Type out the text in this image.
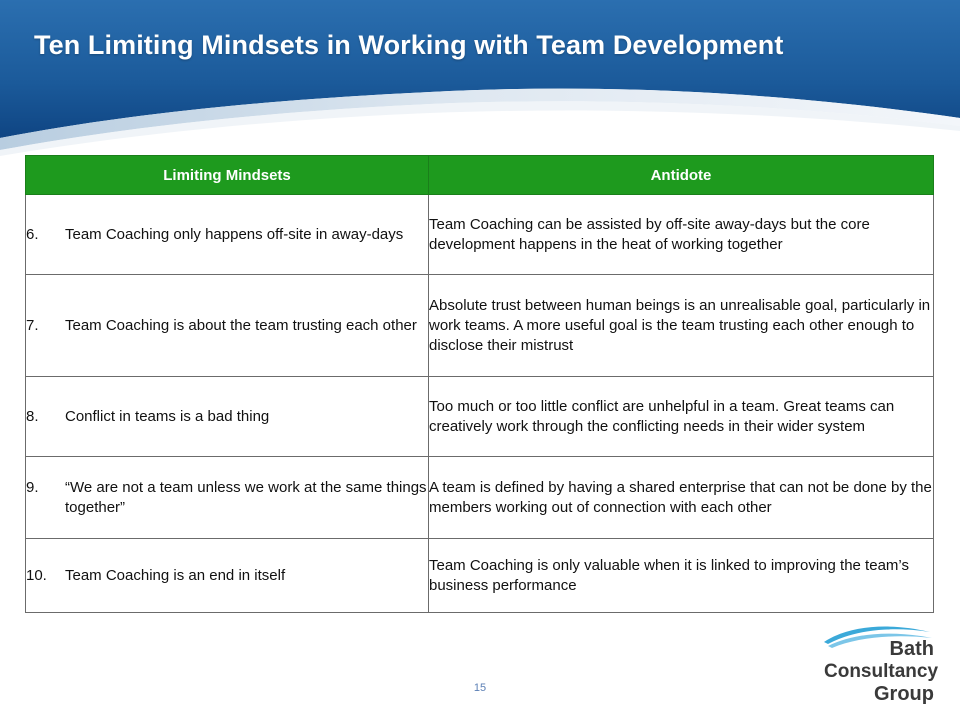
Ten Limiting Mindsets in Working with Team Development
Limiting Mindsets	Antidote

6. Team Coaching only happens off-site in away-days	Team Coaching can be assisted by off-site away-days but the core development happens in the heat of working together

7. Team Coaching is about the team trusting each other	Absolute trust between human beings is an unrealisable goal, particularly in work teams. A more useful goal is the team trusting each other enough to disclose their mistrust

8. Conflict in teams is a bad thing	Too much or too little conflict are unhelpful in a team. Great teams can creatively work through the conflicting needs in their wider system

9. “We are not a team unless we work at the same things together”	A team is defined by having a shared enterprise that can not be done by the members working out of connection with each other

10. Team Coaching is an end in itself	Team Coaching is only valuable when it is linked to improving the team’s business performance
15
Bath
Consultancy
Group
